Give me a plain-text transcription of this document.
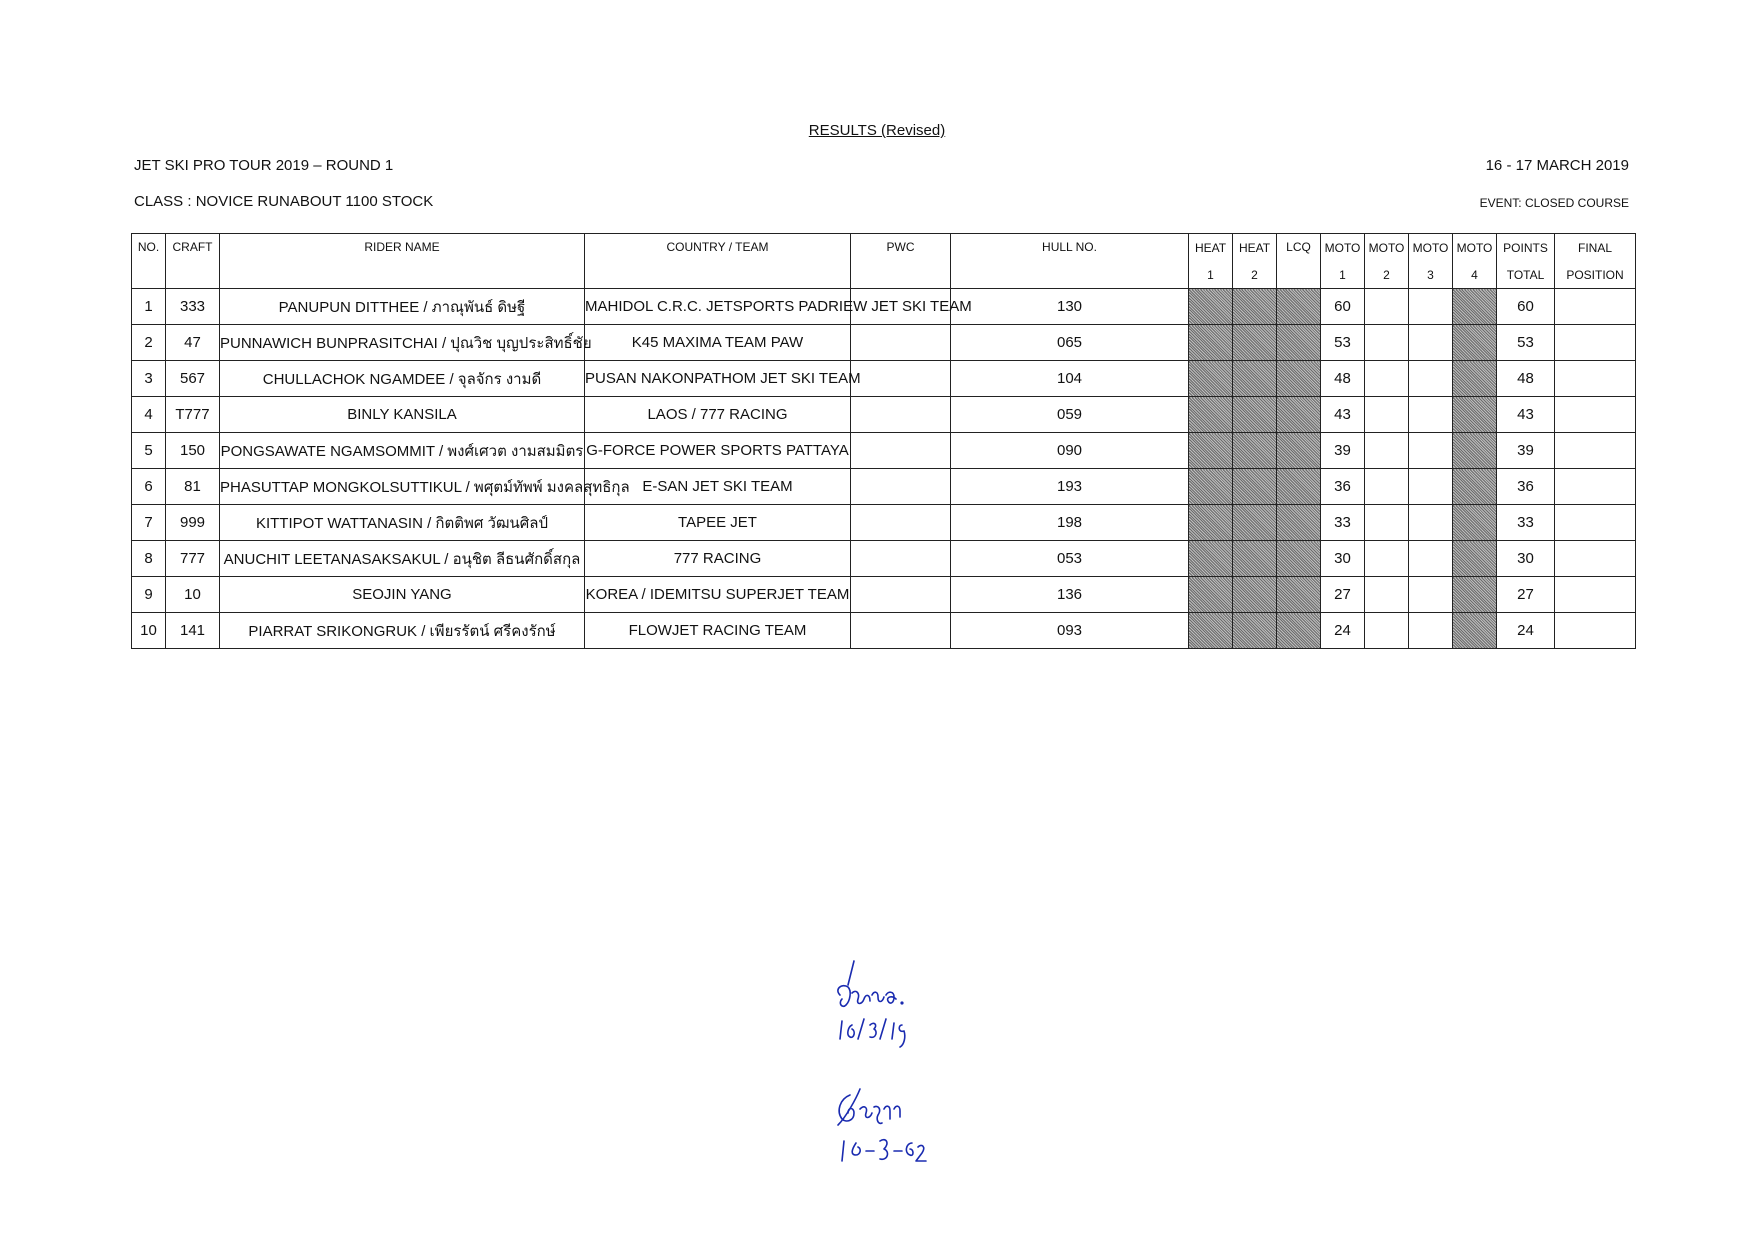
RESULTS (Revised)
JET SKI PRO TOUR 2019 – ROUND 1	16 - 17 MARCH 2019
CLASS : NOVICE RUNABOUT 1100 STOCK	EVENT: CLOSED COURSE
NO.	CRAFT	RIDER NAME	COUNTRY / TEAM	PWC	HULL NO.	HEAT	HEAT	LCQ	MOTO	MOTO	MOTO	MOTO	POINTS	FINAL
						1	2		1	2	3	4	TOTAL	POSITION
1	333	PANUPUN DITTHEE / ภาณุพันธ์ ดิษฐี	MAHIDOL C.R.C. JETSPORTS PADRIEW JET SKI TEAM		130				60				60	
2	47	PUNNAWICH BUNPRASITCHAI / ปุณวิช บุญประสิทธิ์ชัย	K45 MAXIMA TEAM PAW		065				53				53	
3	567	CHULLACHOK NGAMDEE / จุลจักร งามดี	PUSAN NAKONPATHOM JET SKI TEAM		104				48				48	
4	T777	BINLY KANSILA	LAOS / 777 RACING		059				43				43	
5	150	PONGSAWATE NGAMSOMMIT / พงศ์เศวต งามสมมิตร	G-FORCE POWER SPORTS PATTAYA		090				39				39	
6	81	PHASUTTAP MONGKOLSUTTIKUL / พศุตม์ทัพพ์ มงคลสุทธิกุล	E-SAN JET SKI TEAM		193				36				36	
7	999	KITTIPOT WATTANASIN / กิตติพศ วัฒนศิลป์	TAPEE JET		198				33				33	
8	777	ANUCHIT LEETANASAKSAKUL / อนุชิต ลีธนศักดิ์สกุล	777 RACING		053				30				30	
9	10	SEOJIN YANG	KOREA / IDEMITSU SUPERJET TEAM		136				27				27	
10	141	PIARRAT SRIKONGRUK / เพียรรัตน์ ศรีคงรักษ์	FLOWJET RACING TEAM		093				24				24	
